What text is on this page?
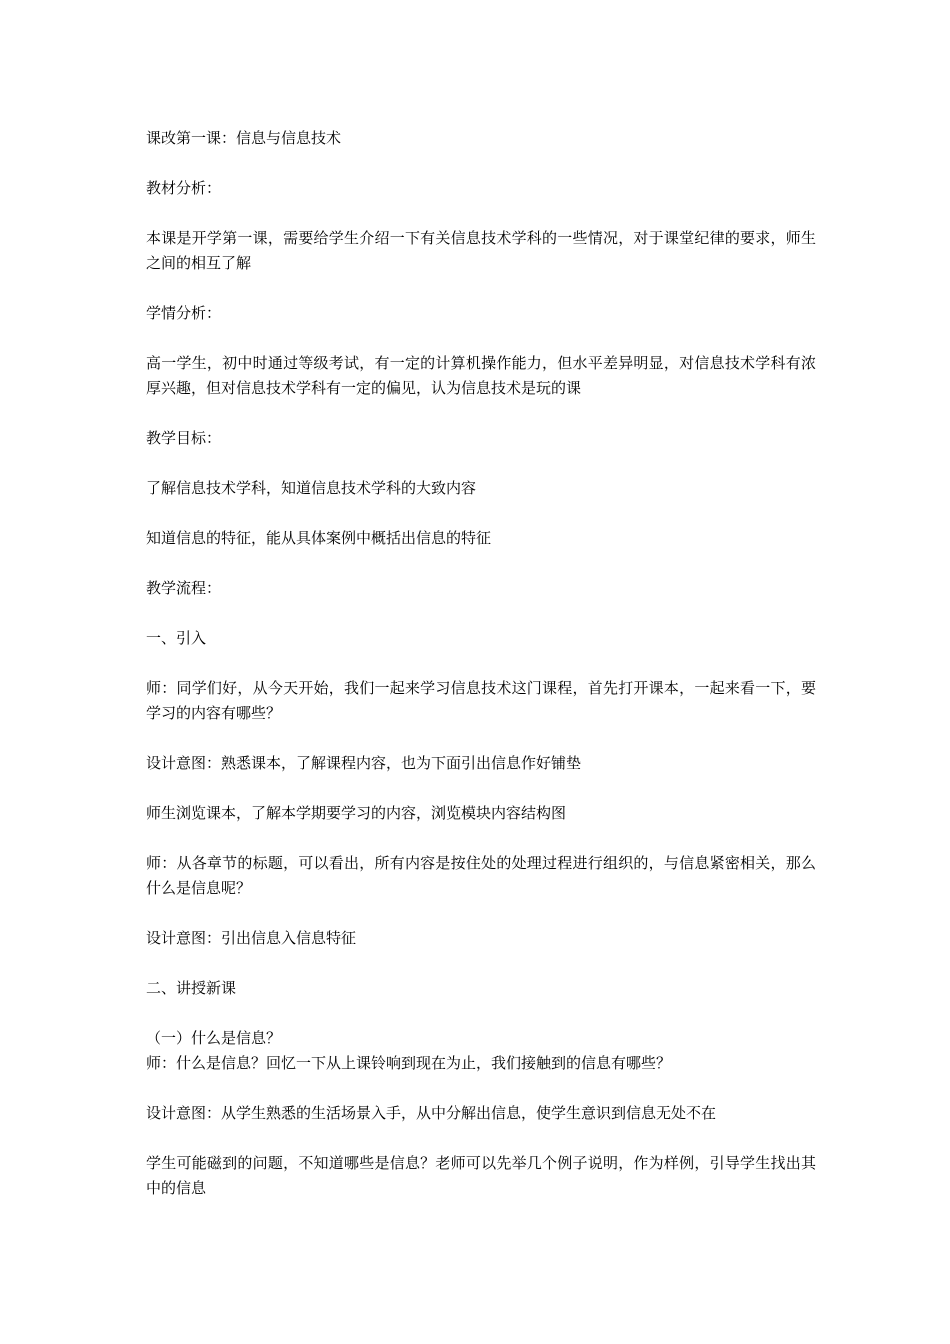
课改第一课：信息与信息技术

教材分析：

本课是开学第一课，需要给学生介绍一下有关信息技术学科的一些情况，对于课堂纪律的要求，师生之间的相互了解

学情分析：

高一学生，初中时通过等级考试，有一定的计算机操作能力，但水平差异明显，对信息技术学科有浓厚兴趣，但对信息技术学科有一定的偏见，认为信息技术是玩的课

教学目标：

了解信息技术学科，知道信息技术学科的大致内容

知道信息的特征，能从具体案例中概括出信息的特征

教学流程：

一、引入

师：同学们好，从今天开始，我们一起来学习信息技术这门课程，首先打开课本，一起来看一下，要学习的内容有哪些？

设计意图：熟悉课本，了解课程内容，也为下面引出信息作好铺垫

师生浏览课本，了解本学期要学习的内容，浏览模块内容结构图

师：从各章节的标题，可以看出，所有内容是按住处的处理过程进行组织的，与信息紧密相关，那么什么是信息呢？

设计意图：引出信息入信息特征

二、讲授新课

（一）什么是信息？

师：什么是信息？回忆一下从上课铃响到现在为止，我们接触到的信息有哪些？

设计意图：从学生熟悉的生活场景入手，从中分解出信息，使学生意识到信息无处不在

学生可能磁到的问题，不知道哪些是信息？老师可以先举几个例子说明，作为样例，引导学生找出其中的信息
